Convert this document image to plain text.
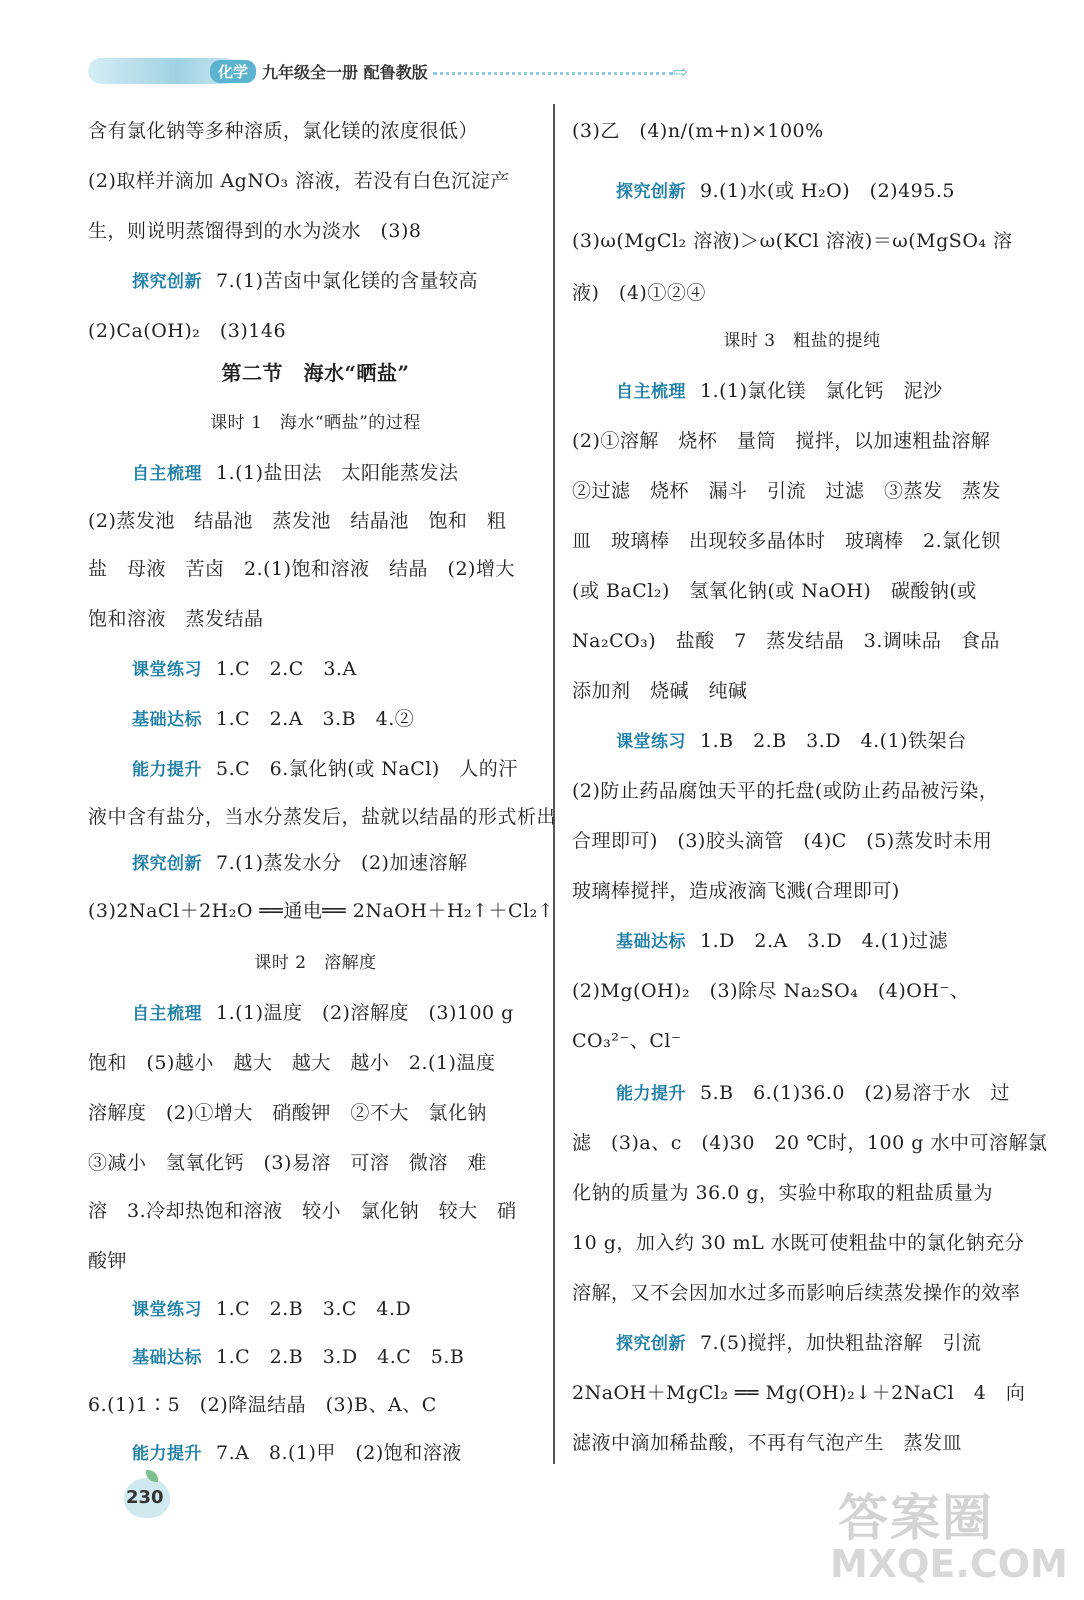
化学 九年级全一册 配鲁教版	⇨
含有氯化钠等多种溶质，氯化镁的浓度很低）
(2)取样并滴加 AgNO₃ 溶液，若没有白色沉淀产
生，则说明蒸馏得到的水为淡水　(3)8
探究创新 7.(1)苦卤中氯化镁的含量较高
(2)Ca(OH)₂　(3)146
第二节　海水“晒盐”
课时 1　海水“晒盐”的过程
自主梳理 1.(1)盐田法　太阳能蒸发法
(2)蒸发池　结晶池　蒸发池　结晶池　饱和　粗
盐　母液　苦卤　2.(1)饱和溶液　结晶　(2)增大
饱和溶液　蒸发结晶
课堂练习 1.C　2.C　3.A
基础达标 1.C　2.A　3.B　4.②
能力提升 5.C　6.氯化钠(或 NaCl)　人的汗
液中含有盐分，当水分蒸发后，盐就以结晶的形式析出
探究创新 7.(1)蒸发水分　(2)加速溶解
(3)2NaCl＋2H₂O ══通电══ 2NaOH＋H₂↑＋Cl₂↑
课时 2　溶解度
自主梳理 1.(1)温度　(2)溶解度　(3)100 g
饱和　(5)越小　越大　越大　越小　2.(1)温度
溶解度　(2)①增大　硝酸钾　②不大　氯化钠
③减小　氢氧化钙　(3)易溶　可溶　微溶　难
溶　3.冷却热饱和溶液　较小　氯化钠　较大　硝
酸钾
课堂练习 1.C　2.B　3.C　4.D
基础达标 1.C　2.B　3.D　4.C　5.B
6.(1)1∶5　(2)降温结晶　(3)B、A、C
能力提升 7.A　8.(1)甲　(2)饱和溶液
(3)乙　(4)n/(m+n)×100%
探究创新 9.(1)水(或 H₂O)　(2)495.5
(3)ω(MgCl₂ 溶液)＞ω(KCl 溶液)＝ω(MgSO₄ 溶
液)　(4)①②④
课时 3　粗盐的提纯
自主梳理 1.(1)氯化镁　氯化钙　泥沙
(2)①溶解　烧杯　量筒　搅拌，以加速粗盐溶解
②过滤　烧杯　漏斗　引流　过滤　③蒸发　蒸发
皿　玻璃棒　出现较多晶体时　玻璃棒　2.氯化钡
(或 BaCl₂)　氢氧化钠(或 NaOH)　碳酸钠(或
Na₂CO₃)　盐酸　7　蒸发结晶　3.调味品　食品
添加剂　烧碱　纯碱
课堂练习 1.B　2.B　3.D　4.(1)铁架台
(2)防止药品腐蚀天平的托盘(或防止药品被污染，
合理即可)　(3)胶头滴管　(4)C　(5)蒸发时未用
玻璃棒搅拌，造成液滴飞溅(合理即可)
基础达标 1.D　2.A　3.D　4.(1)过滤
(2)Mg(OH)₂　(3)除尽 Na₂SO₄　(4)OH⁻、
CO₃²⁻、Cl⁻
能力提升 5.B　6.(1)36.0　(2)易溶于水　过
滤　(3)a、c　(4)30　20 ℃时，100 g 水中可溶解氯
化钠的质量为 36.0 g，实验中称取的粗盐质量为
10 g，加入约 30 mL 水既可使粗盐中的氯化钠充分
溶解，又不会因加水过多而影响后续蒸发操作的效率
探究创新 7.(5)搅拌，加快粗盐溶解　引流
2NaOH＋MgCl₂ ══ Mg(OH)₂↓＋2NaCl　4　向
滤液中滴加稀盐酸，不再有气泡产生　蒸发皿
230	答案圈
MXQE.COM
